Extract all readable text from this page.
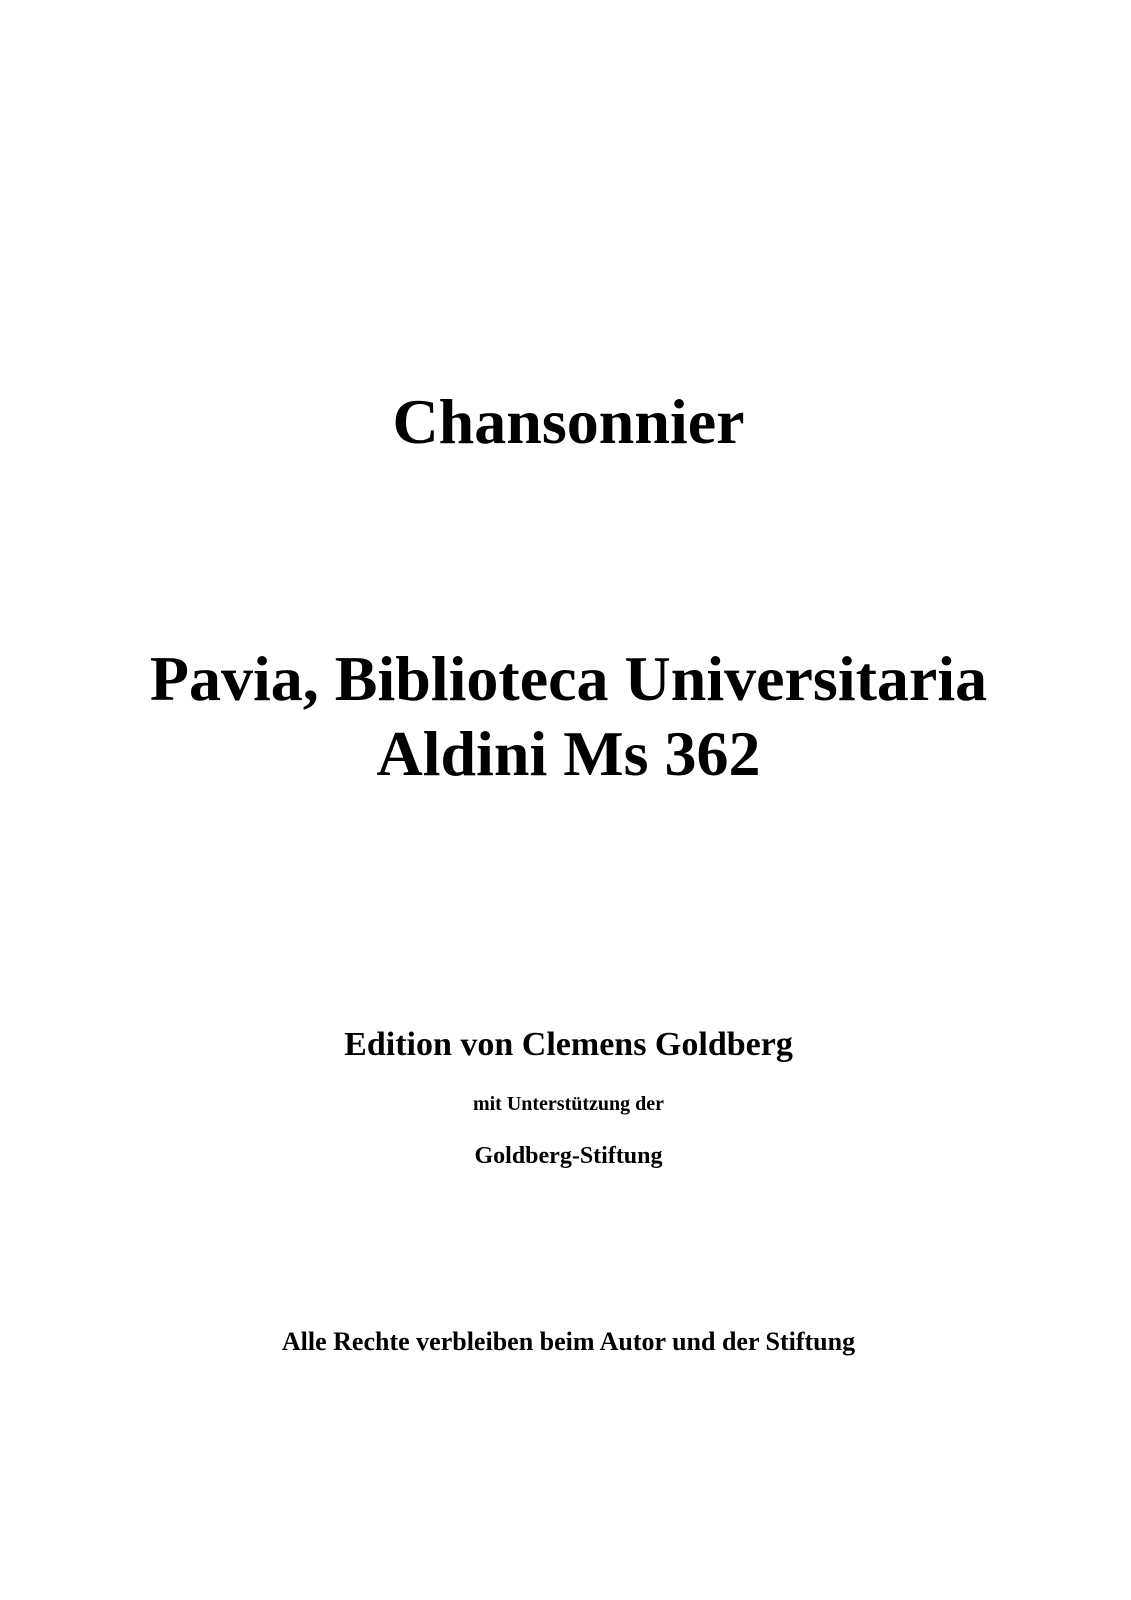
Chansonnier
Pavia, Biblioteca Universitaria
Aldini Ms 362
Edition von Clemens Goldberg
mit Unterstützung der
Goldberg-Stiftung
Alle Rechte verbleiben beim Autor und der Stiftung
